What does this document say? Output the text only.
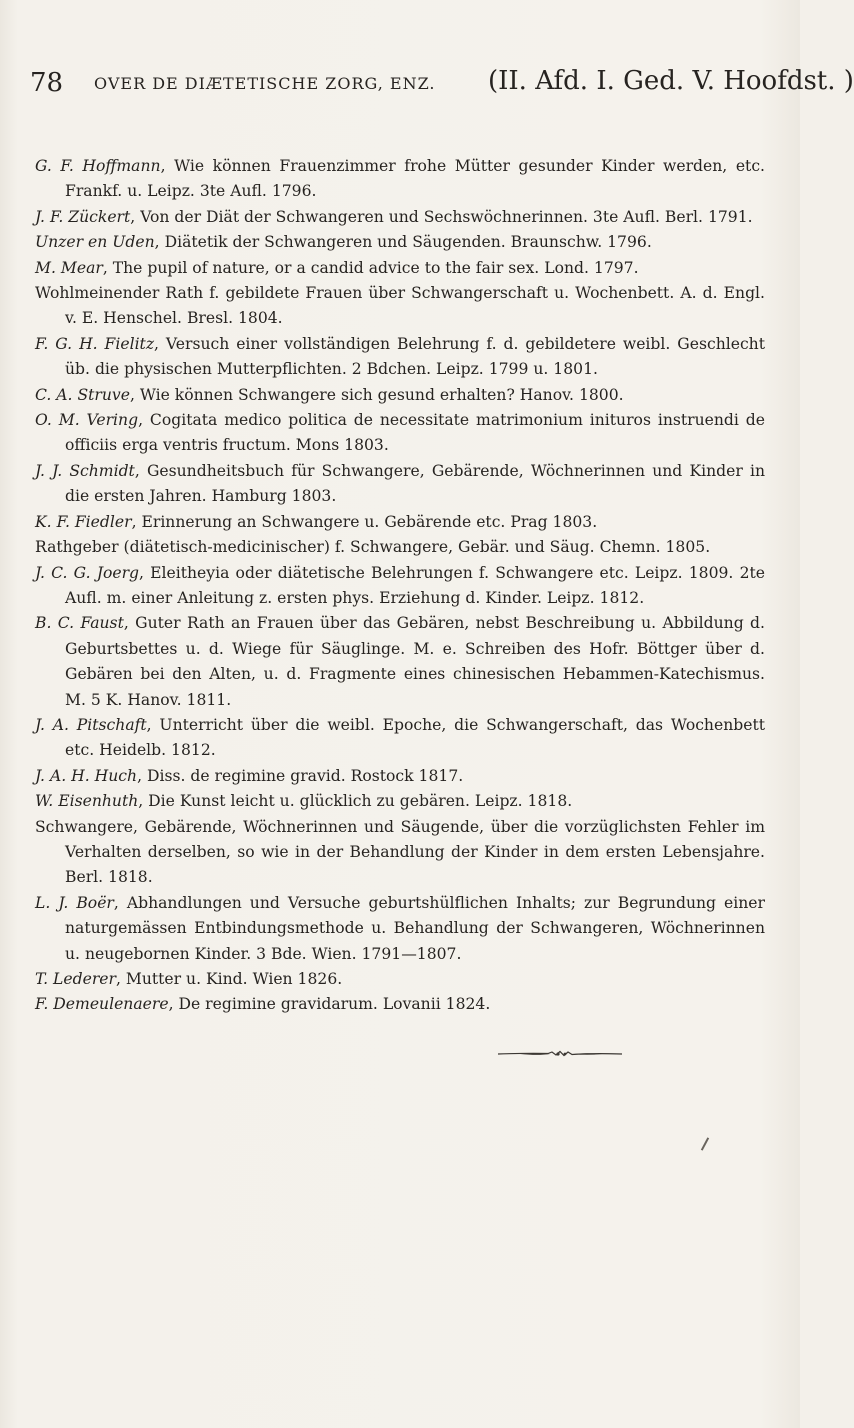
78 OVER DE DIÆTETISCHE ZORG, ENZ. (II. Afd. I. Ged. V. Hoofdst. )

G. F. Hoffmann, Wie können Frauenzimmer frohe Mütter gesunder Kinder werden, etc. Frankf. u. Leipz. 3te Aufl. 1796.

J. F. Zückert, Von der Diät der Schwangeren und Sechswöchnerinnen. 3te Aufl. Berl. 1791.

Unzer en Uden, Diätetik der Schwangeren und Säugenden. Braunschw. 1796.

M. Mear, The pupil of nature, or a candid advice to the fair sex. Lond. 1797.

Wohlmeinender Rath f. gebildete Frauen über Schwangerschaft u. Wochenbett. A. d. Engl. v. E. Henschel. Bresl. 1804.

F. G. H. Fielitz, Versuch einer vollständigen Belehrung f. d. gebildetere weibl. Geschlecht üb. die physischen Mutterpflichten. 2 Bdchen. Leipz. 1799 u. 1801.

C. A. Struve, Wie können Schwangere sich gesund erhalten? Hanov. 1800.

O. M. Vering, Cogitata medico politica de necessitate matrimonium inituros instruendi de officiis erga ventris fructum. Mons 1803.

J. J. Schmidt, Gesundheitsbuch für Schwangere, Gebärende, Wöchnerinnen und Kinder in die ersten Jahren. Hamburg 1803.

K. F. Fiedler, Erinnerung an Schwangere u. Gebärende etc. Prag 1803.

Rathgeber (diätetisch-medicinischer) f. Schwangere, Gebär. und Säug. Chemn. 1805.

J. C. G. Joerg, Eleitheyia oder diätetische Belehrungen f. Schwangere etc. Leipz. 1809. 2te Aufl. m. einer Anleitung z. ersten phys. Erziehung d. Kinder. Leipz. 1812.

B. C. Faust, Guter Rath an Frauen über das Gebären, nebst Beschreibung u. Abbildung d. Geburtsbettes u. d. Wiege für Säuglinge. M. e. Schreiben des Hofr. Böttger über d. Gebären bei den Alten, u. d. Fragmente eines chinesischen Hebammen-Katechismus. M. 5 K. Hanov. 1811.

J. A. Pitschaft, Unterricht über die weibl. Epoche, die Schwangerschaft, das Wochenbett etc. Heidelb. 1812.

J. A. H. Huch, Diss. de regimine gravid. Rostock 1817.

W. Eisenhuth, Die Kunst leicht u. glücklich zu gebären. Leipz. 1818.

Schwangere, Gebärende, Wöchnerinnen und Säugende, über die vorzüglichsten Fehler im Verhalten derselben, so wie in der Behandlung der Kinder in dem ersten Lebensjahre. Berl. 1818.

L. J. Boër, Abhandlungen und Versuche geburtshülflichen Inhalts; zur Begrundung einer naturgemässen Entbindungsmethode u. Behandlung der Schwangeren, Wöchnerinnen u. neugebornen Kinder. 3 Bde. Wien. 1791—1807.

T. Lederer, Mutter u. Kind. Wien 1826.

F. Demeulenaere, De regimine gravidarum. Lovanii 1824.
